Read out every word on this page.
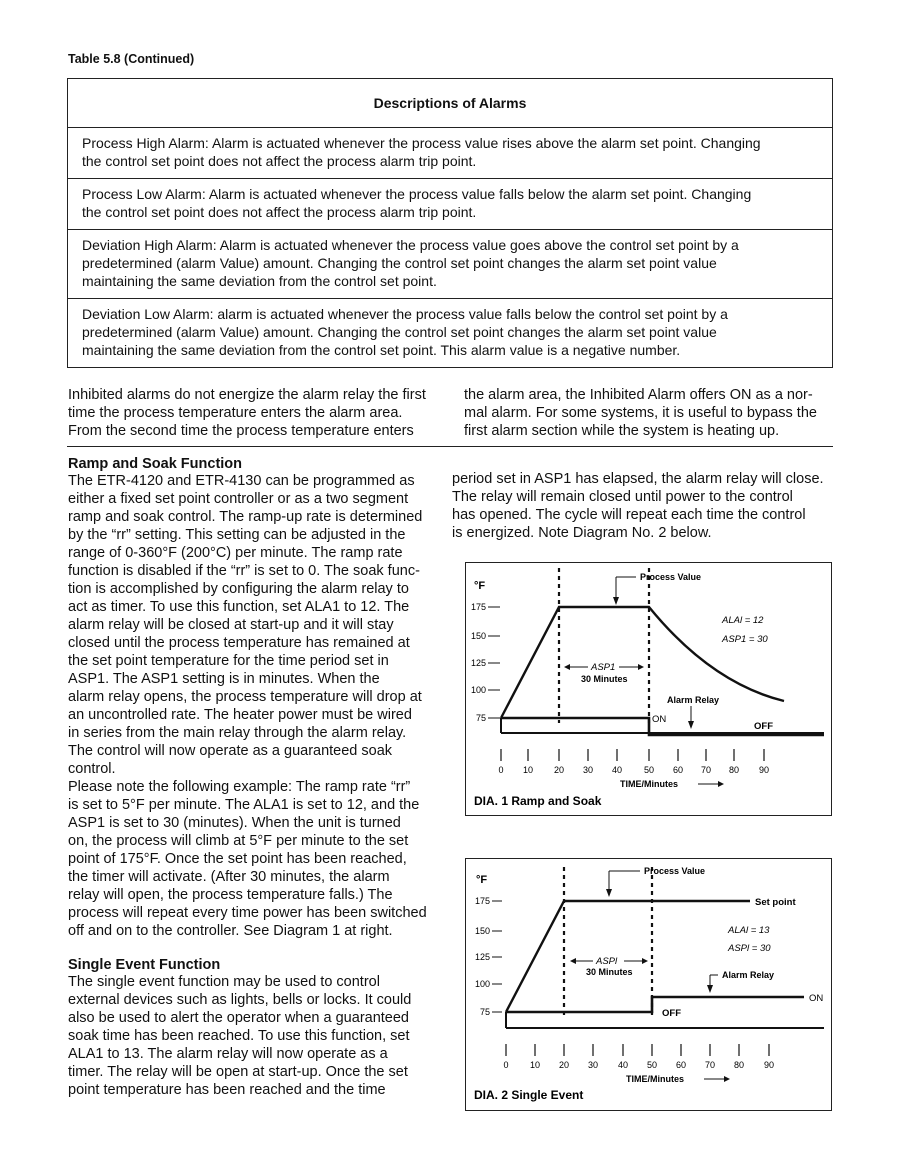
Table 5.8 (Continued)
Descriptions of Alarms
Process High Alarm: Alarm is actuated whenever the process value rises above the alarm set point. Changing
the control set point does not affect the process alarm trip point.
Process Low Alarm: Alarm is actuated whenever the process value falls below the alarm set point. Changing
the control set point does not affect the process alarm trip point.
Deviation High Alarm: Alarm is actuated whenever the process value goes above the control set point by a
predetermined (alarm Value) amount. Changing the control set point changes the alarm set point value
maintaining the same deviation from the control set point.
Deviation Low Alarm: alarm is actuated whenever the process value falls below the control set point by a
predetermined (alarm Value) amount. Changing the control set point changes the alarm set point value
maintaining the same deviation from the control set point. This alarm value is a negative number.
Inhibited alarms do not energize the alarm relay the first
time the process temperature enters the alarm area.
From the second time the process temperature enters
the alarm area, the Inhibited Alarm offers ON as a nor-
mal alarm. For some systems, it is useful to bypass the
first alarm section while the system is heating up.
Ramp and Soak Function
The ETR-4120 and ETR-4130 can be programmed as
either a fixed set point controller or as a two segment
ramp and soak control. The ramp-up rate is determined
by the “rr” setting. This setting can be adjusted in the
range of 0-360°F (200°C) per minute. The ramp rate
function is disabled if the “rr” is set to 0. The soak func-
tion is accomplished by configuring the alarm relay to
act as timer. To use this function, set ALA1 to 12. The
alarm relay will be closed at start-up and it will stay
closed until the process temperature has remained at
the set point temperature for the time period set in
ASP1. The ASP1 setting is in minutes. When the
alarm relay opens, the process temperature will drop at
an uncontrolled rate. The heater power must be wired
in series from the main relay through the alarm relay.
The control will now operate as a guaranteed soak
control.
Please note the following example: The ramp rate “rr”
is set to 5°F per minute. The ALA1 is set to 12, and the
ASP1 is set to 30 (minutes). When the unit is turned
on, the process will climb at 5°F per minute to the set
point of 175°F. Once the set point has been reached,
the timer will activate. (After 30 minutes, the alarm
relay will open, the process temperature falls.) The
process will repeat every time power has been switched
off and on to the controller. See Diagram 1 at right.
Single Event Function
The single event function may be used to control
external devices such as lights, bells or locks. It could
also be used to alert the operator when a guaranteed
soak time has been reached. To use this function, set
ALA1 to 13. The alarm relay will now operate as a
timer. The relay will be open at start-up. Once the set
point temperature has been reached and the time
period set in ASP1 has elapsed, the alarm relay will close.
The relay will remain closed until power to the control
has opened. The cycle will repeat each time the control
is energized. Note Diagram No. 2 below.
°F
175
150
125
100
75
0 10 20 30 40 50 60 70 80 90
TIME/Minutes
DIA. 1 Ramp and Soak
Process Value
ALAl = 12
ASP1 = 30
ASP1
30 Minutes
Alarm Relay
ON
OFF
°F
175
150
125
100
75
0 10 20 30 40 50 60 70 80 90
TIME/Minutes
DIA. 2 Single Event
Process Value
Set point
ALAl = 13
ASPl = 30
ASPl
30 Minutes	Alarm Relay
ON
OFF
